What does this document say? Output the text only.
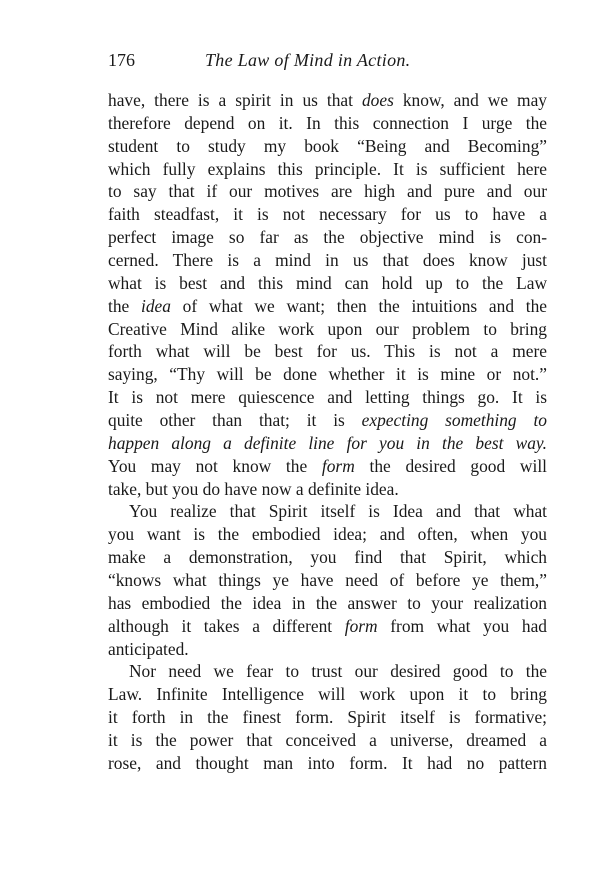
176	The Law of Mind in Action.
have, there is a spirit in us that does know, and we may
therefore depend on it. In this connection I urge the
student to study my book “Being and Becoming”
which fully explains this principle. It is sufficient here
to say that if our motives are high and pure and our
faith steadfast, it is not necessary for us to have a
perfect image so far as the objective mind is con-
cerned. There is a mind in us that does know just
what is best and this mind can hold up to the Law
the idea of what we want; then the intuitions and the
Creative Mind alike work upon our problem to bring
forth what will be best for us. This is not a mere
saying, “Thy will be done whether it is mine or not.”
It is not mere quiescence and letting things go. It is
quite other than that; it is expecting something to
happen along a definite line for you in the best way.
You may not know the form the desired good will
take, but you do have now a definite idea.
You realize that Spirit itself is Idea and that what
you want is the embodied idea; and often, when you
make a demonstration, you find that Spirit, which
“knows what things ye have need of before ye them,”
has embodied the idea in the answer to your realization
although it takes a different form from what you had
anticipated.
Nor need we fear to trust our desired good to the
Law. Infinite Intelligence will work upon it to bring
it forth in the finest form. Spirit itself is formative;
it is the power that conceived a universe, dreamed a
rose, and thought man into form. It had no pattern
